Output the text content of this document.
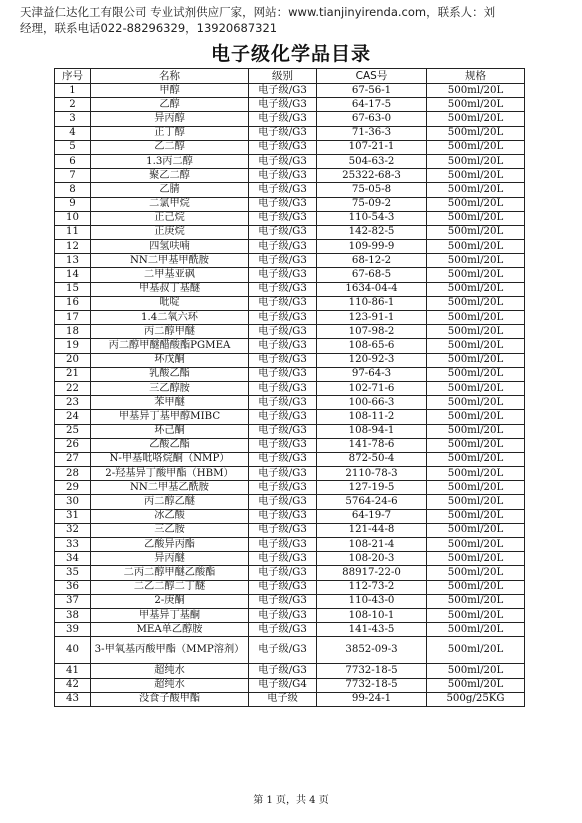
天津益仁达化工有限公司 专业试剂供应厂家，网站：www.tianjinyirenda.com，联系人：刘
经理，联系电话022-88296329，13920687321
电子级化学品目录
序号	名称	级别	CAS号	规格
1	甲醇	电子级/G3	67-56-1	500ml/20L
2	乙醇	电子级/G3	64-17-5	500ml/20L
3	异丙醇	电子级/G3	67-63-0	500ml/20L
4	正丁醇	电子级/G3	71-36-3	500ml/20L
5	乙二醇	电子级/G3	107-21-1	500ml/20L
6	1.3丙二醇	电子级/G3	504-63-2	500ml/20L
7	聚乙二醇	电子级/G3	25322-68-3	500ml/20L
8	乙腈	电子级/G3	75-05-8	500ml/20L
9	二氯甲烷	电子级/G3	75-09-2	500ml/20L
10	正己烷	电子级/G3	110-54-3	500ml/20L
11	正庚烷	电子级/G3	142-82-5	500ml/20L
12	四氢呋喃	电子级/G3	109-99-9	500ml/20L
13	NN二甲基甲酰胺	电子级/G3	68-12-2	500ml/20L
14	二甲基亚砜	电子级/G3	67-68-5	500ml/20L
15	甲基叔丁基醚	电子级/G3	1634-04-4	500ml/20L
16	吡啶	电子级/G3	110-86-1	500ml/20L
17	1.4二氧六环	电子级/G3	123-91-1	500ml/20L
18	丙二醇甲醚	电子级/G3	107-98-2	500ml/20L
19	丙二醇甲醚醋酸酯PGMEA	电子级/G3	108-65-6	500ml/20L
20	环戊酮	电子级/G3	120-92-3	500ml/20L
21	乳酸乙酯	电子级/G3	97-64-3	500ml/20L
22	三乙醇胺	电子级/G3	102-71-6	500ml/20L
23	苯甲醚	电子级/G3	100-66-3	500ml/20L
24	甲基异丁基甲醇MIBC	电子级/G3	108-11-2	500ml/20L
25	环己酮	电子级/G3	108-94-1	500ml/20L
26	乙酸乙酯	电子级/G3	141-78-6	500ml/20L
27	N-甲基吡咯烷酮（NMP）	电子级/G3	872-50-4	500ml/20L
28	2-羟基异丁酸甲酯（HBM）	电子级/G3	2110-78-3	500ml/20L
29	NN二甲基乙酰胺	电子级/G3	127-19-5	500ml/20L
30	丙二醇乙醚	电子级/G3	5764-24-6	500ml/20L
31	冰乙酸	电子级/G3	64-19-7	500ml/20L
32	三乙胺	电子级/G3	121-44-8	500ml/20L
33	乙酸异丙酯	电子级/G3	108-21-4	500ml/20L
34	异丙醚	电子级/G3	108-20-3	500ml/20L
35	二丙二醇甲醚乙酸酯	电子级/G3	88917-22-0	500ml/20L
36	二乙二醇二丁醚	电子级/G3	112-73-2	500ml/20L
37	2-庚酮	电子级/G3	110-43-0	500ml/20L
38	甲基异丁基酮	电子级/G3	108-10-1	500ml/20L
39	MEA单乙醇胺	电子级/G3	141-43-5	500ml/20L
40	3-甲氧基丙酸甲酯（MMP溶剂）	电子级/G3	3852-09-3	500ml/20L
41	超纯水	电子级/G3	7732-18-5	500ml/20L
42	超纯水	电子级/G4	7732-18-5	500ml/20L
43	没食子酸甲酯	电子级	99-24-1	500g/25KG
第 1 页，共 4 页
